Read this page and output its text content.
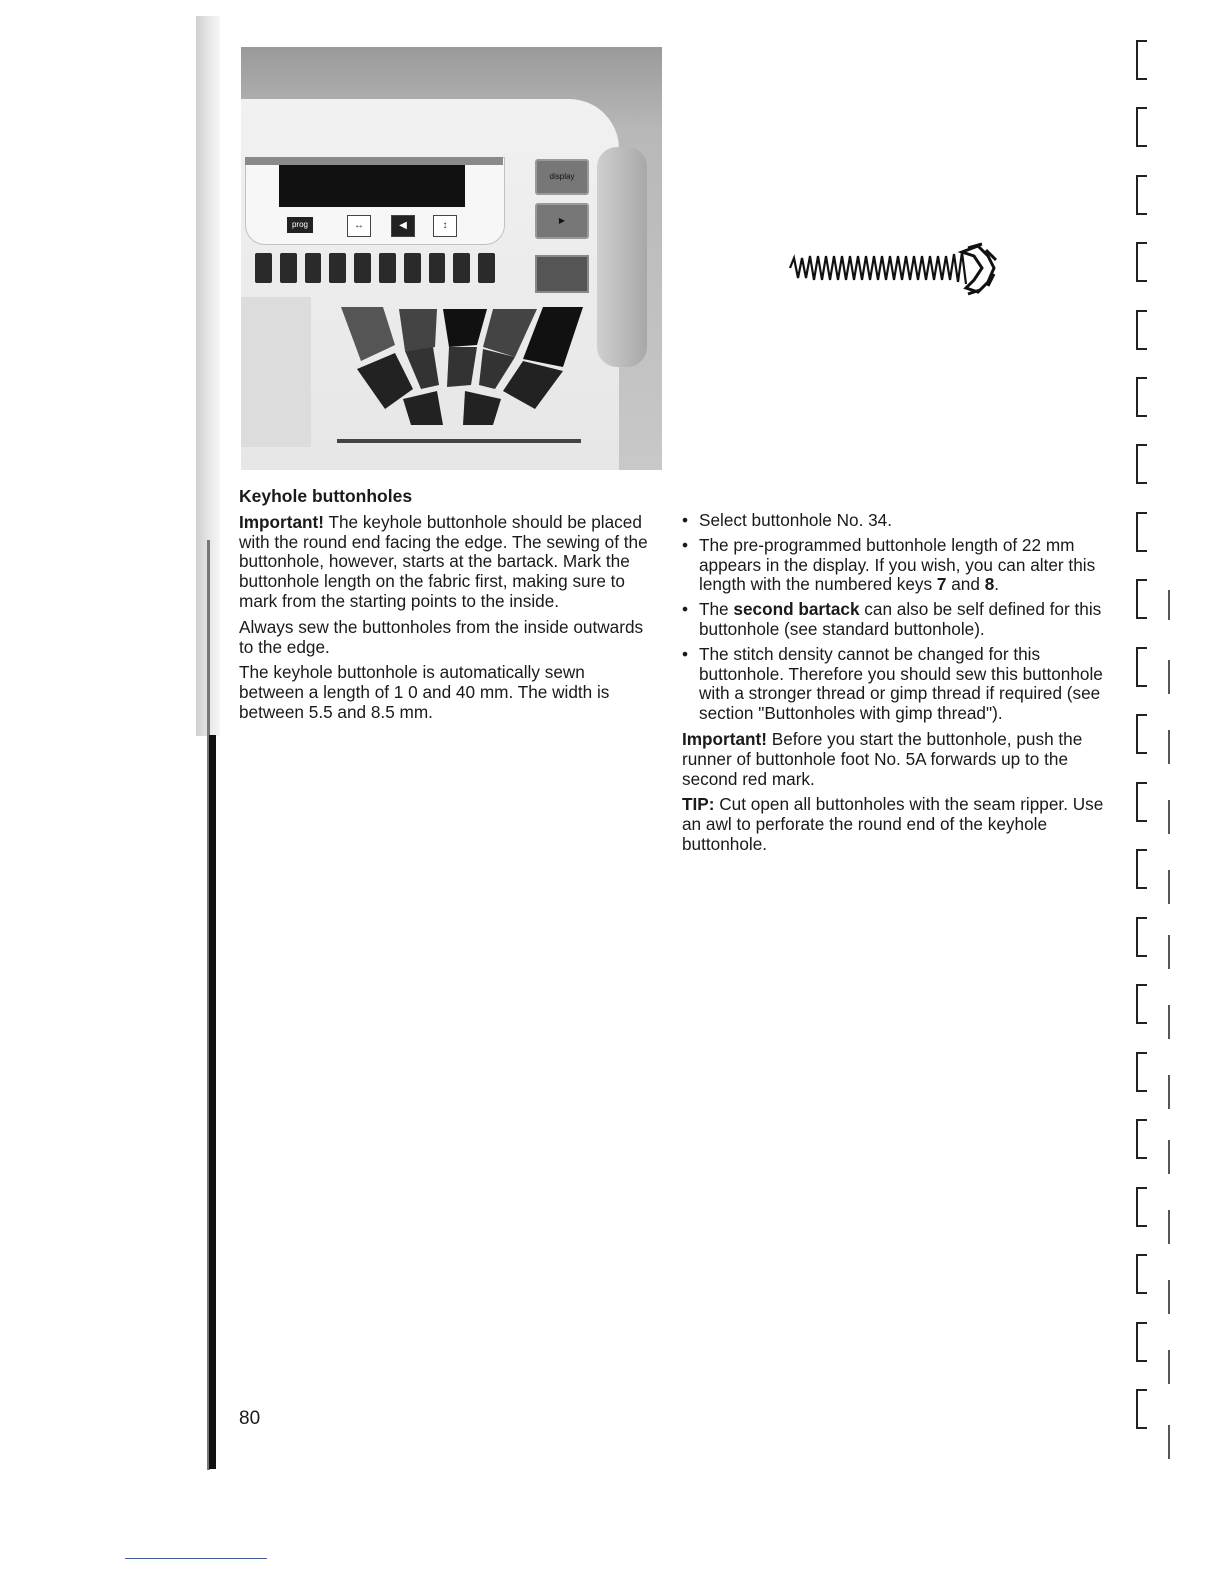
prog	↔	◀	↕
display
▶
Keyhole buttonholes

Important! The keyhole buttonhole should be placed with the round end facing the edge. The sewing of the buttonhole, however, starts at the bartack. Mark the buttonhole length on the fabric first, making sure to mark from the starting points to the inside.

Always sew the buttonholes from the inside outwards to the edge.

The keyhole buttonhole is automatically sewn between a length of 1 0 and 40 mm. The width is between 5.5 and 8.5 mm.

• Select buttonhole No. 34.
• The pre-programmed buttonhole length of 22 mm appears in the display. If you wish, you can alter this length with the numbered keys 7 and 8.
• The second bartack can also be self defined for this buttonhole (see standard buttonhole).
• The stitch density cannot be changed for this buttonhole. Therefore you should sew this buttonhole with a stronger thread or gimp thread if required (see section "Buttonholes with gimp thread").

Important! Before you start the buttonhole, push the runner of buttonhole foot No. 5A forwards up to the second red mark.

TIP: Cut open all buttonholes with the seam ripper. Use an awl to perforate the round end of the keyhole buttonhole.

80
